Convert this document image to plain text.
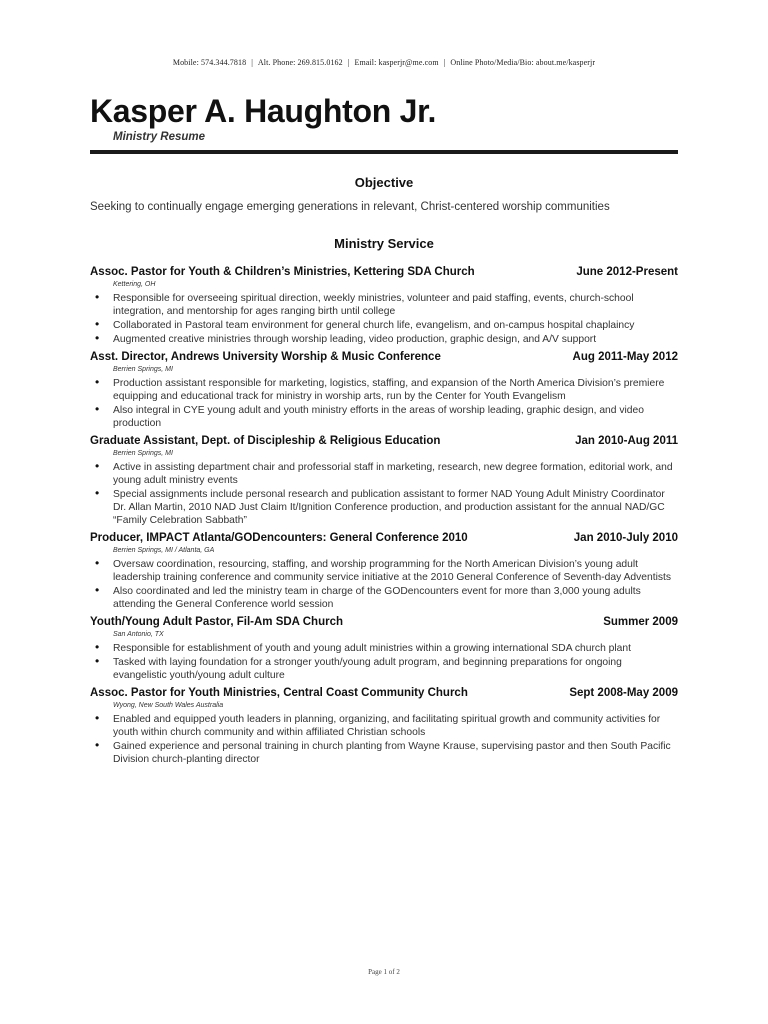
Mobile: 574.344.7818 | Alt. Phone: 269.815.0162 | Email: kasperjr@me.com | Online Photo/Media/Bio: about.me/kasperjr
Kasper A. Haughton Jr.
Ministry Resume
Objective
Seeking to continually engage emerging generations in relevant, Christ-centered worship communities
Ministry Service
Assoc. Pastor for Youth & Children’s Ministries, Kettering SDA Church	June 2012-Present
Kettering, OH
• Responsible for overseeing spiritual direction, weekly ministries, volunteer and paid staffing, events, church-school integration, and mentorship for ages ranging birth until college
• Collaborated in Pastoral team environment for general church life, evangelism, and on-campus hospital chaplaincy
• Augmented creative ministries through worship leading, video production, graphic design, and A/V support
Asst. Director, Andrews University Worship & Music Conference	Aug 2011-May 2012
Berrien Springs, MI
• Production assistant responsible for marketing, logistics, staffing, and expansion of the North America Division’s premiere equipping and educational track for ministry in worship arts, run by the Center for Youth Evangelism
• Also integral in CYE young adult and youth ministry efforts in the areas of worship leading, graphic design, and video production
Graduate Assistant, Dept. of Discipleship & Religious Education	Jan 2010-Aug 2011
Berrien Springs, MI
• Active in assisting department chair and professorial staff in marketing, research, new degree formation, editorial work, and young adult ministry events
• Special assignments include personal research and publication assistant to former NAD Young Adult Ministry Coordinator Dr. Allan Martin, 2010 NAD Just Claim It/Ignition Conference production, and production assistant for the annual NAD/GC “Family Celebration Sabbath”
Producer, IMPACT Atlanta/GODencounters: General Conference 2010	Jan 2010-July 2010
Berrien Springs, MI / Atlanta, GA
• Oversaw coordination, resourcing, staffing, and worship programming for the North American Division’s young adult leadership training conference and community service initiative at the 2010 General Conference of Seventh-day Adventists
• Also coordinated and led the ministry team in charge of the GODencounters event for more than 3,000 young adults attending the General Conference world session
Youth/Young Adult Pastor, Fil-Am SDA Church	Summer 2009
San Antonio, TX
• Responsible for establishment of youth and young adult ministries within a growing international SDA church plant
• Tasked with laying foundation for a stronger youth/young adult program, and beginning preparations for ongoing evangelistic youth/young adult culture
Assoc. Pastor for Youth Ministries, Central Coast Community Church	Sept 2008-May 2009
Wyong, New South Wales Australia
• Enabled and equipped youth leaders in planning, organizing, and facilitating spiritual growth and community activities for youth within church community and within affiliated Christian schools
• Gained experience and personal training in church planting from Wayne Krause, supervising pastor and then South Pacific Division church-planting director
Page 1 of 2
